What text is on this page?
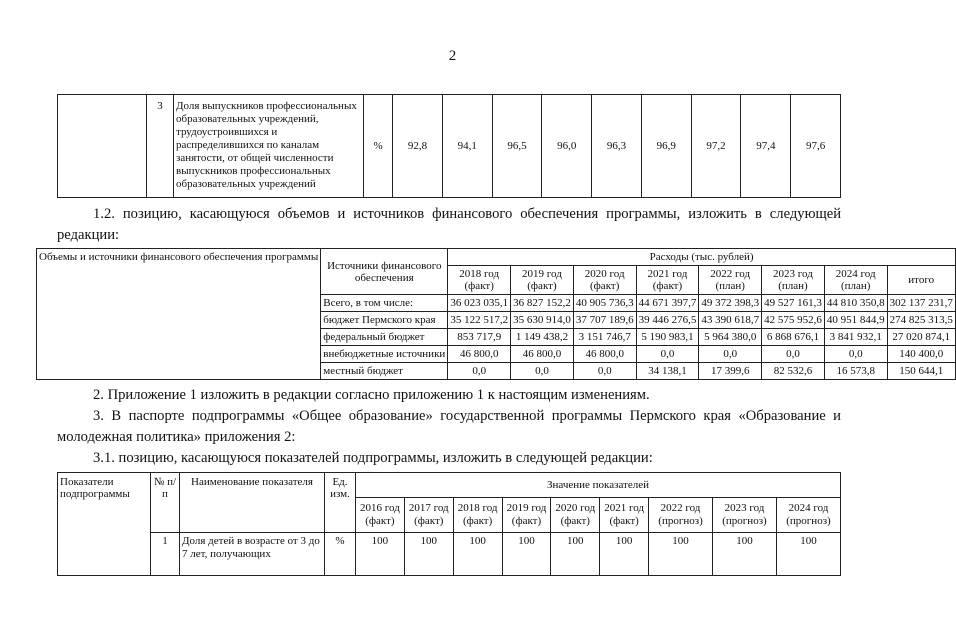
2
	3	Доля выпускников профессиональных образовательных учреждений, трудоустроившихся и распределившихся по каналам занятости, от общей численности выпускников профессиональных образовательных учреждений	%	92,8	94,1	96,5	96,0	96,3	96,9	97,2	97,4	97,6
1.2. позицию, касающуюся объемов и источников финансового обеспечения программы, изложить в следующей редакции:
Объемы и источники финансового обеспечения программы	Источники финансового обеспечения	Расходы (тыс. рублей)							
		2018 год (факт)	2019 год (факт)	2020 год (факт)	2021 год (факт)	2022 год (план)	2023 год (план)	2024 год (план)	итого
	Всего, в том числе:	36 023 035,1	36 827 152,2	40 905 736,3	44 671 397,7	49 372 398,3	49 527 161,3	44 810 350,8	302 137 231,7
	бюджет Пермского края	35 122 517,2	35 630 914,0	37 707 189,6	39 446 276,5	43 390 618,7	42 575 952,6	40 951 844,9	274 825 313,5
	федеральный бюджет	853 717,9	1 149 438,2	3 151 746,7	5 190 983,1	5 964 380,0	6 868 676,1	3 841 932,1	27 020 874,1
	внебюджетные источники	46 800,0	46 800,0	46 800,0	0,0	0,0	0,0	0,0	140 400,0
	местный бюджет	0,0	0,0	0,0	34 138,1	17 399,6	82 532,6	16 573,8	150 644,1
2. Приложение 1 изложить в редакции согласно приложению 1 к настоящим изменениям.
3. В паспорте подпрограммы «Общее образование» государственной программы Пермского края «Образование и молодежная политика» приложения 2:
3.1. позицию, касающуюся показателей подпрограммы, изложить в следующей редакции:
Показатели подпрограммы	№ п/п	Наименование показателя	Ед. изм.	Значение показателей								
				2016 год (факт)	2017 год (факт)	2018 год (факт)	2019 год (факт)	2020 год (факт)	2021 год (факт)	2022 год (прогноз)	2023 год (прогноз)	2024 год (прогноз)
	1	Доля детей в возрасте от 3 до 7 лет, получающих	%	100	100	100	100	100	100	100	100	100
